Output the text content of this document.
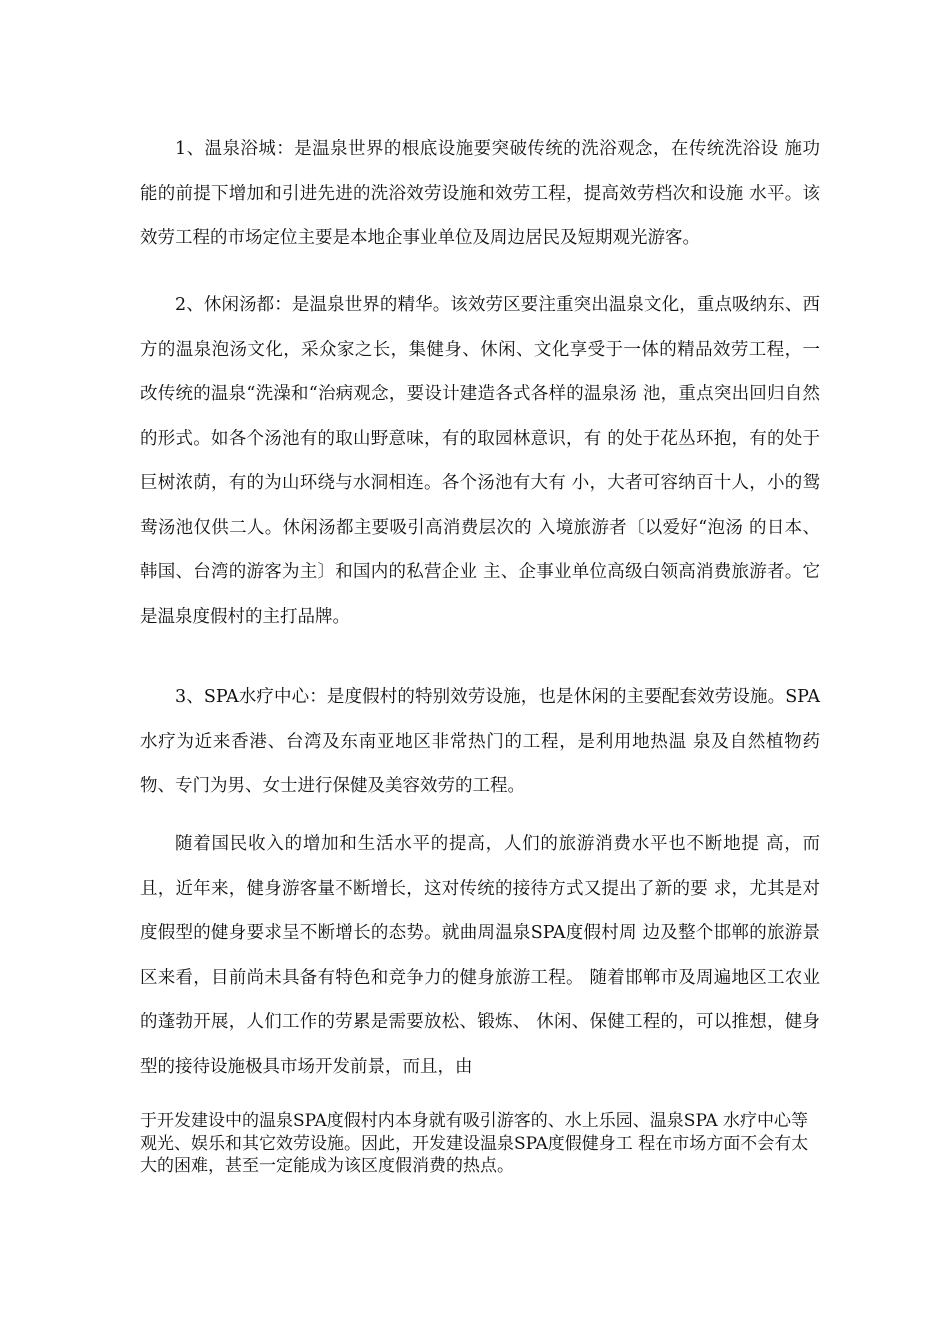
1、温泉浴城：是温泉世界的根底设施要突破传统的洗浴观念，在传统洗浴设 施功能的前提下增加和引进先进的洗浴效劳设施和效劳工程，提高效劳档次和设施 水平。该效劳工程的市场定位主要是本地企事业单位及周边居民及短期观光游客。

2、休闲汤都：是温泉世界的精华。该效劳区要注重突出温泉文化，重点吸纳东、西方的温泉泡汤文化，采众家之长，集健身、休闲、文化享受于一体的精品效劳工程，一改传统的温泉“洗澡和“治病观念，要设计建造各式各样的温泉汤 池，重点突出回归自然的形式。如各个汤池有的取山野意味，有的取园林意识，有 的处于花丛环抱，有的处于巨树浓荫，有的为山环绕与水洞相连。各个汤池有大有 小，大者可容纳百十人，小的鸳鸯汤池仅供二人。休闲汤都主要吸引高消费层次的 入境旅游者〔以爱好“泡汤 的日本、韩国、台湾的游客为主〕和国内的私营企业 主、企事业单位高级白领高消费旅游者。它是温泉度假村的主打品牌。

3、SPA水疗中心：是度假村的特别效劳设施，也是休闲的主要配套效劳设施。SPA水疗为近来香港、台湾及东南亚地区非常热门的工程，是利用地热温 泉及自然植物药物、专门为男、女士进行保健及美容效劳的工程。

随着国民收入的增加和生活水平的提高，人们的旅游消费水平也不断地提 高，而且，近年来，健身游客量不断增长，这对传统的接待方式又提出了新的要 求，尤其是对度假型的健身要求呈不断增长的态势。就曲周温泉SPA度假村周 边及整个邯郸的旅游景区来看，目前尚未具备有特色和竞争力的健身旅游工程。 随着邯郸市及周遍地区工农业的蓬勃开展，人们工作的劳累是需要放松、锻炼、 休闲、保健工程的，可以推想，健身型的接待设施极具市场开发前景，而且，由

于开发建设中的温泉SPA度假村内本身就有吸引游客的、水上乐园、温泉SPA 水疗中心等观光、娱乐和其它效劳设施。因此，开发建设温泉SPA度假健身工 程在市场方面不会有太大的困难，甚至一定能成为该区度假消费的热点。
